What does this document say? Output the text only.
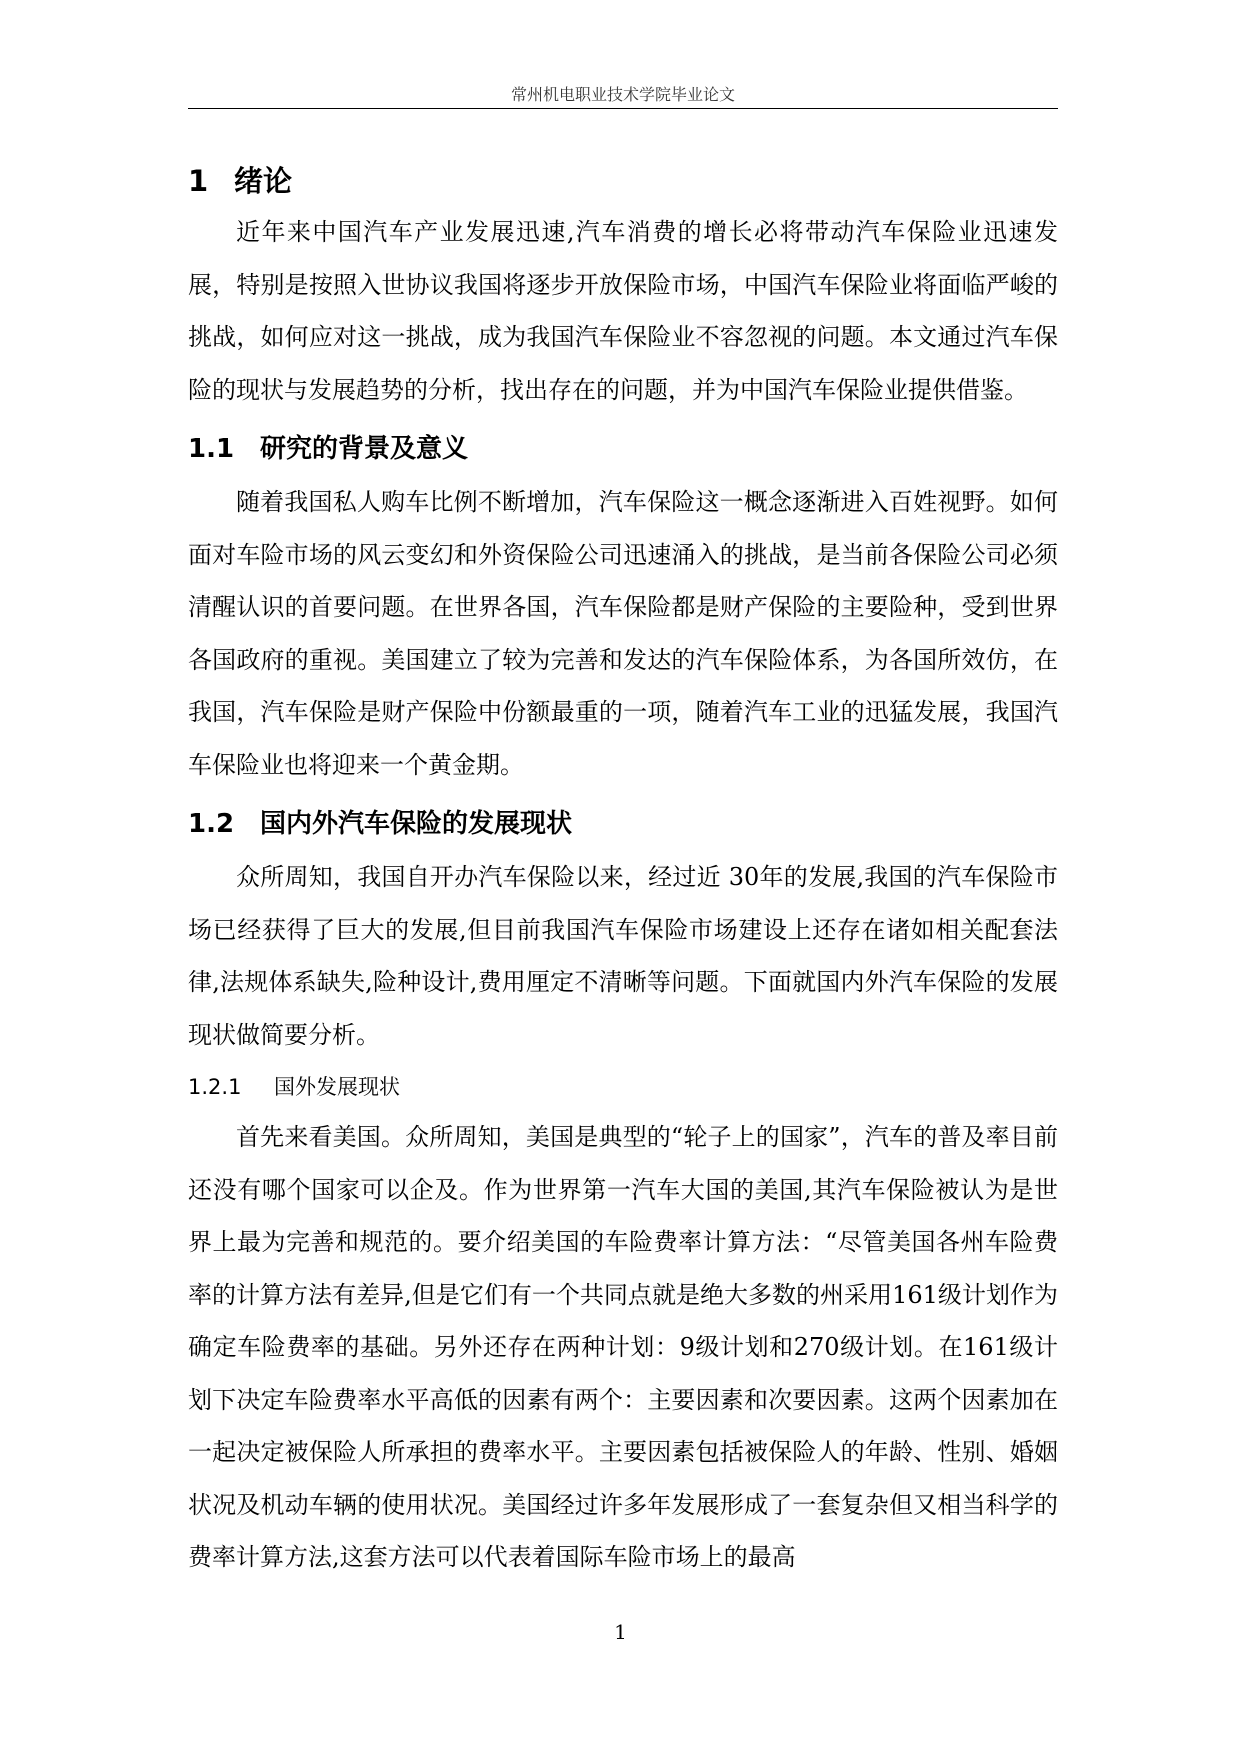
常州机电职业技术学院毕业论文
1 绪论

近年来中国汽车产业发展迅速,汽车消费的增长必将带动汽车保险业迅速发展，特别是按照入世协议我国将逐步开放保险市场，中国汽车保险业将面临严峻的挑战，如何应对这一挑战，成为我国汽车保险业不容忽视的问题。本文通过汽车保险的现状与发展趋势的分析，找出存在的问题，并为中国汽车保险业提供借鉴。

1.1 研究的背景及意义

随着我国私人购车比例不断增加，汽车保险这一概念逐渐进入百姓视野。如何面对车险市场的风云变幻和外资保险公司迅速涌入的挑战，是当前各保险公司必须清醒认识的首要问题。在世界各国，汽车保险都是财产保险的主要险种，受到世界各国政府的重视。美国建立了较为完善和发达的汽车保险体系，为各国所效仿，在我国，汽车保险是财产保险中份额最重的一项，随着汽车工业的迅猛发展，我国汽车保险业也将迎来一个黄金期。

1.2 国内外汽车保险的发展现状

众所周知，我国自开办汽车保险以来，经过近 30年的发展,我国的汽车保险市场已经获得了巨大的发展,但目前我国汽车保险市场建设上还存在诸如相关配套法律,法规体系缺失,险种设计,费用厘定不清晰等问题。下面就国内外汽车保险的发展现状做简要分析。

1.2.1 国外发展现状

首先来看美国。众所周知，美国是典型的“轮子上的国家”，汽车的普及率目前还没有哪个国家可以企及。作为世界第一汽车大国的美国,其汽车保险被认为是世界上最为完善和规范的。要介绍美国的车险费率计算方法：“尽管美国各州车险费率的计算方法有差异,但是它们有一个共同点就是绝大多数的州采用161级计划作为确定车险费率的基础。另外还存在两种计划：9级计划和270级计划。在161级计划下决定车险费率水平高低的因素有两个：主要因素和次要因素。这两个因素加在一起决定被保险人所承担的费率水平。主要因素包括被保险人的年龄、性别、婚姻状况及机动车辆的使用状况。美国经过许多年发展形成了一套复杂但又相当科学的费率计算方法,这套方法可以代表着国际车险市场上的最高

1
